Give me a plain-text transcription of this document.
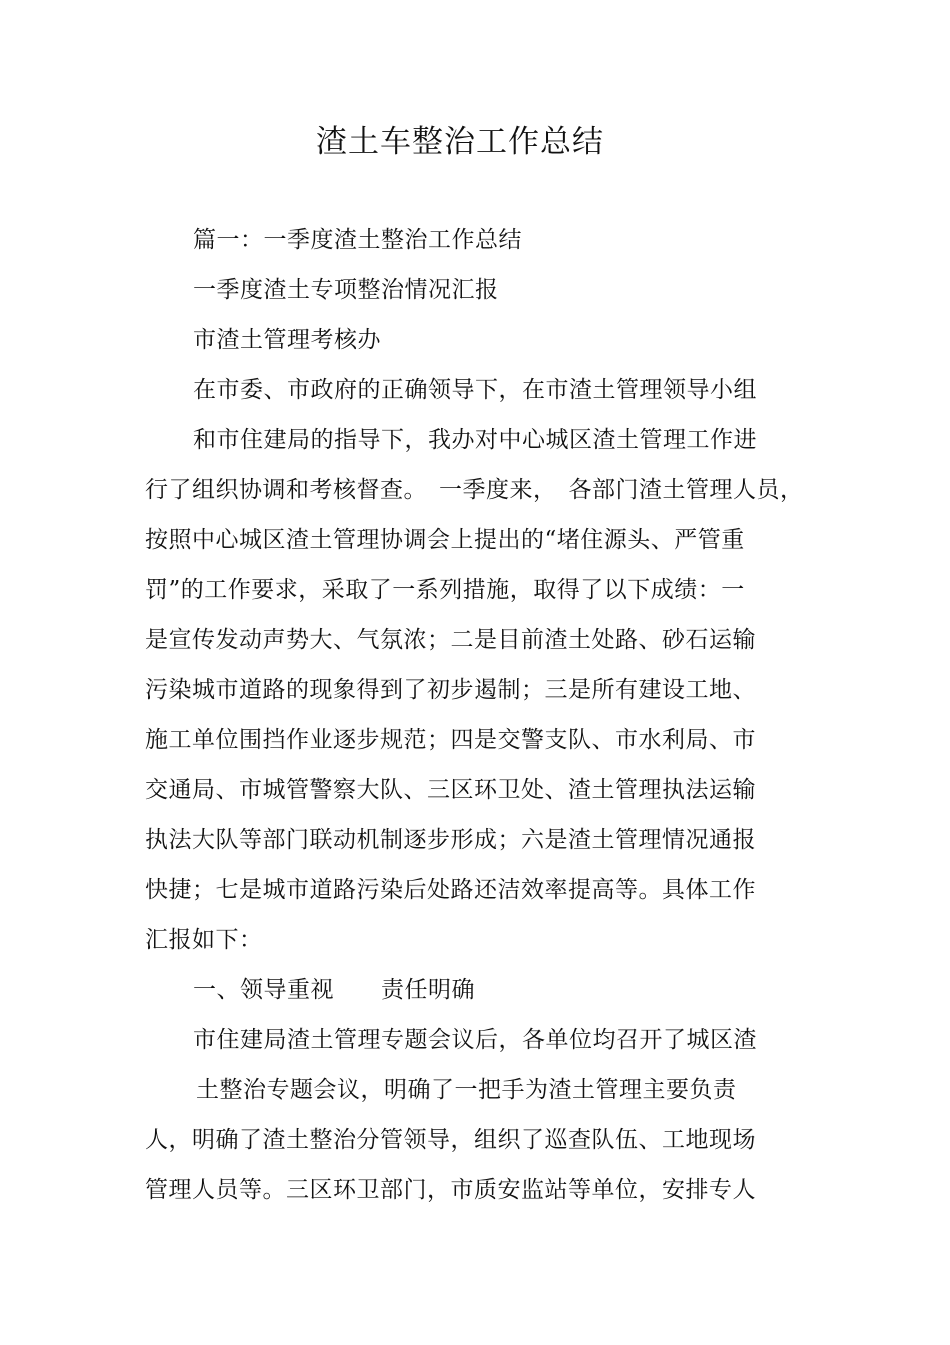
渣土车整治工作总结
篇一：一季度渣土整治工作总结
一季度渣土专项整治情况汇报
市渣土管理考核办
在市委、市政府的正确领导下，在市渣土管理领导小组
和市住建局的指导下，我办对中心城区渣土管理工作进
行了组织协调和考核督查。　一季度来，　各部门渣土管理人员，
按照中心城区渣土管理协调会上提出的“堵住源头、严管重
罚”的工作要求，采取了一系列措施，取得了以下成绩：一
是宣传发动声势大、气氛浓；二是目前渣土处路、砂石运输
污染城市道路的现象得到了初步遏制；三是所有建设工地、
施工单位围挡作业逐步规范；四是交警支队、市水利局、市
交通局、市城管警察大队、三区环卫处、渣土管理执法运输
执法大队等部门联动机制逐步形成；六是渣土管理情况通报
快捷；七是城市道路污染后处路还洁效率提高等。具体工作
汇报如下：
一、领导重视　　责任明确
市住建局渣土管理专题会议后，各单位均召开了城区渣
土整治专题会议，明确了一把手为渣土管理主要负责
人，明确了渣土整治分管领导，组织了巡查队伍、工地现场
管理人员等。三区环卫部门，市质安监站等单位，安排专人
